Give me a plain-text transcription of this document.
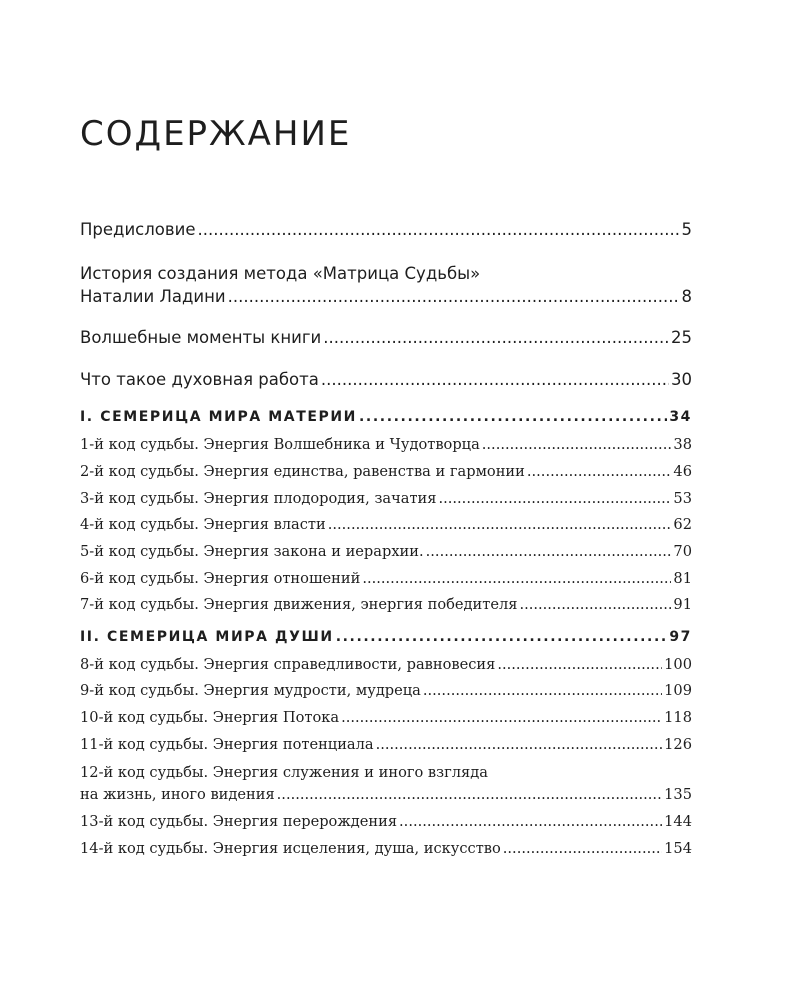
СОДЕРЖАНИЕ
Предисловие .....	5
История создания метода «Матрица Судьбы»
Наталии Ладини .....	8
Волшебные моменты книги .....	25
Что такое духовная работа .....	30
I. СЕМЕРИЦА МИРА МАТЕРИИ .....	34
1-й код судьбы. Энергия Волшебника и Чудотворца .....	38
2-й код судьбы. Энергия единства, равенства и гармонии .....	46
3-й код судьбы. Энергия плодородия, зачатия .....	53
4-й код судьбы. Энергия власти .....	62
5-й код судьбы. Энергия закона и иерархии. .....	70
6-й код судьбы. Энергия отношений .....	81
7-й код судьбы. Энергия движения, энергия победителя .....	91
II. СЕМЕРИЦА МИРА ДУШИ .....	97
8-й код судьбы. Энергия справедливости, равновесия .....	100
9-й код судьбы. Энергия мудрости, мудреца .....	109
10-й код судьбы. Энергия Потока .....	118
11-й код судьбы. Энергия потенциала .....	126
12-й код судьбы. Энергия служения и иного взгляда
на жизнь, иного видения .....	135
13-й код судьбы. Энергия перерождения .....	144
14-й код судьбы. Энергия исцеления, душа, искусство .....	154
